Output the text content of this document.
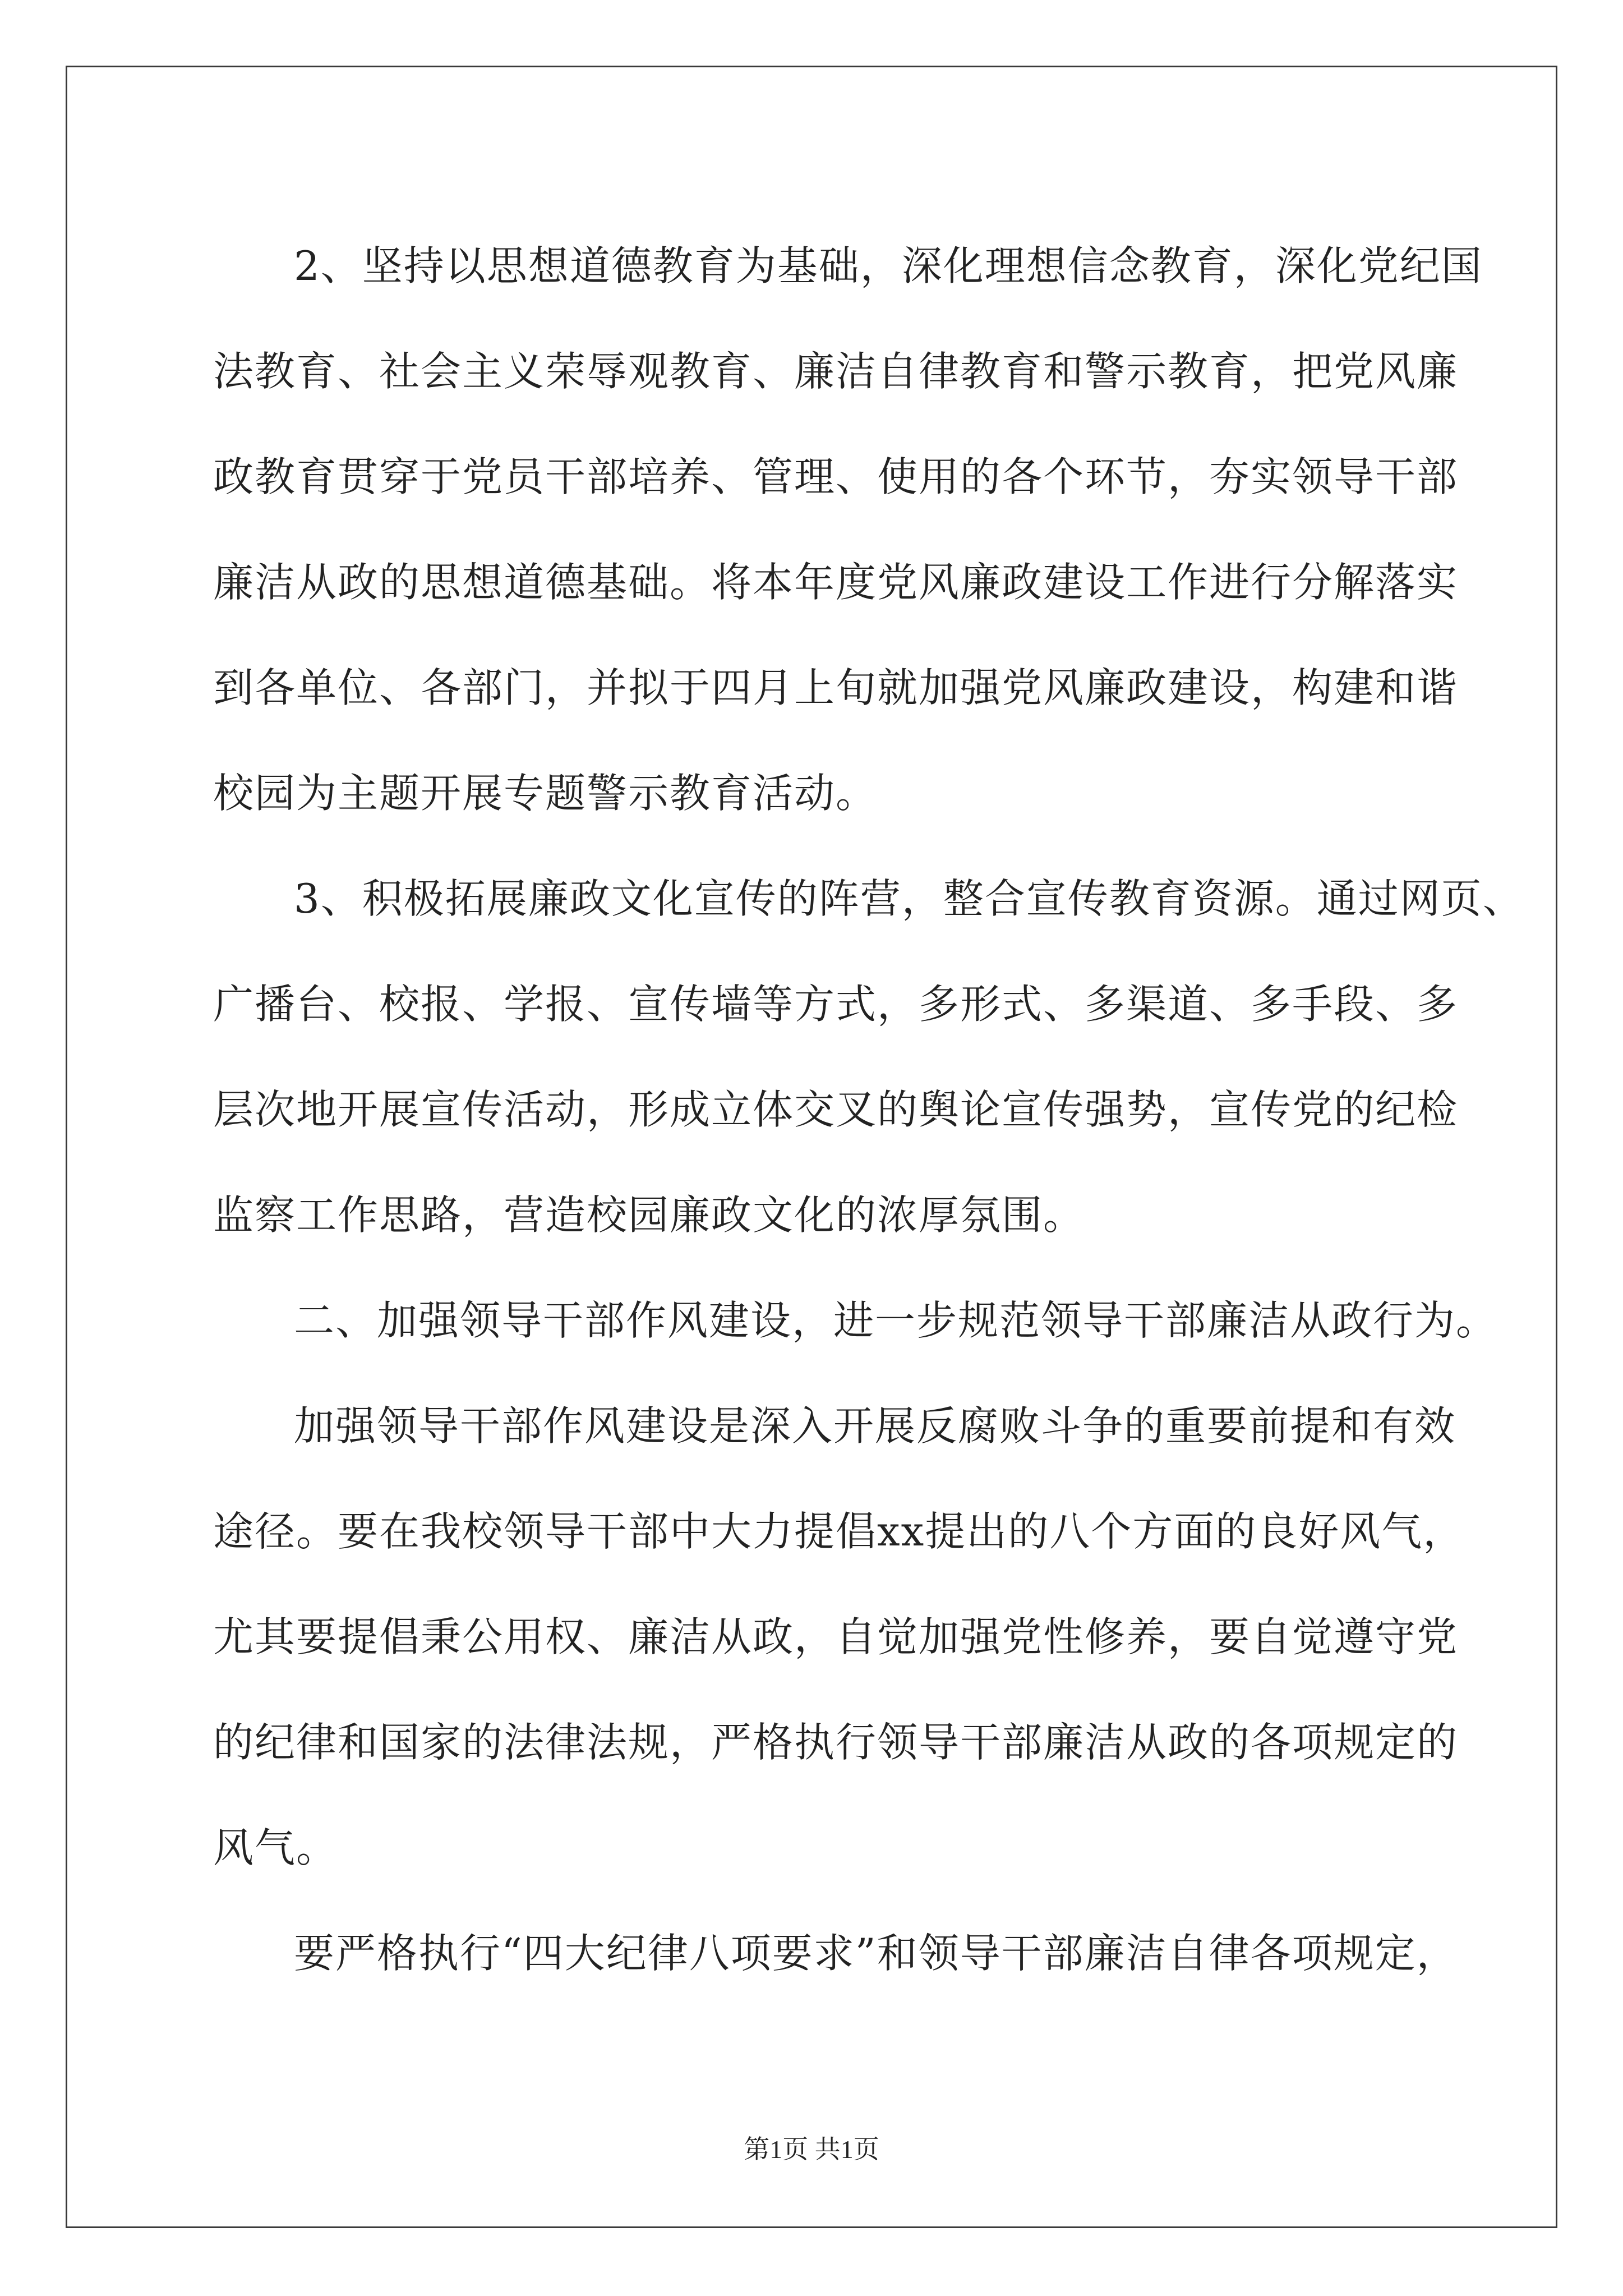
2、坚持以思想道德教育为基础，深化理想信念教育，深化党纪国
法教育、社会主义荣辱观教育、廉洁自律教育和警示教育，把党风廉
政教育贯穿于党员干部培养、管理、使用的各个环节，夯实领导干部
廉洁从政的思想道德基础。将本年度党风廉政建设工作进行分解落实
到各单位、各部门，并拟于四月上旬就加强党风廉政建设，构建和谐
校园为主题开展专题警示教育活动。
3、积极拓展廉政文化宣传的阵营，整合宣传教育资源。通过网页、
广播台、校报、学报、宣传墙等方式，多形式、多渠道、多手段、多
层次地开展宣传活动，形成立体交叉的舆论宣传强势，宣传党的纪检
监察工作思路，营造校园廉政文化的浓厚氛围。
二、加强领导干部作风建设，进一步规范领导干部廉洁从政行为。
加强领导干部作风建设是深入开展反腐败斗争的重要前提和有效
途径。要在我校领导干部中大力提倡xx提出的八个方面的良好风气，
尤其要提倡秉公用权、廉洁从政，自觉加强党性修养，要自觉遵守党
的纪律和国家的法律法规，严格执行领导干部廉洁从政的各项规定的
风气。
要严格执行“四大纪律八项要求”和领导干部廉洁自律各项规定，
第1页 共1页
